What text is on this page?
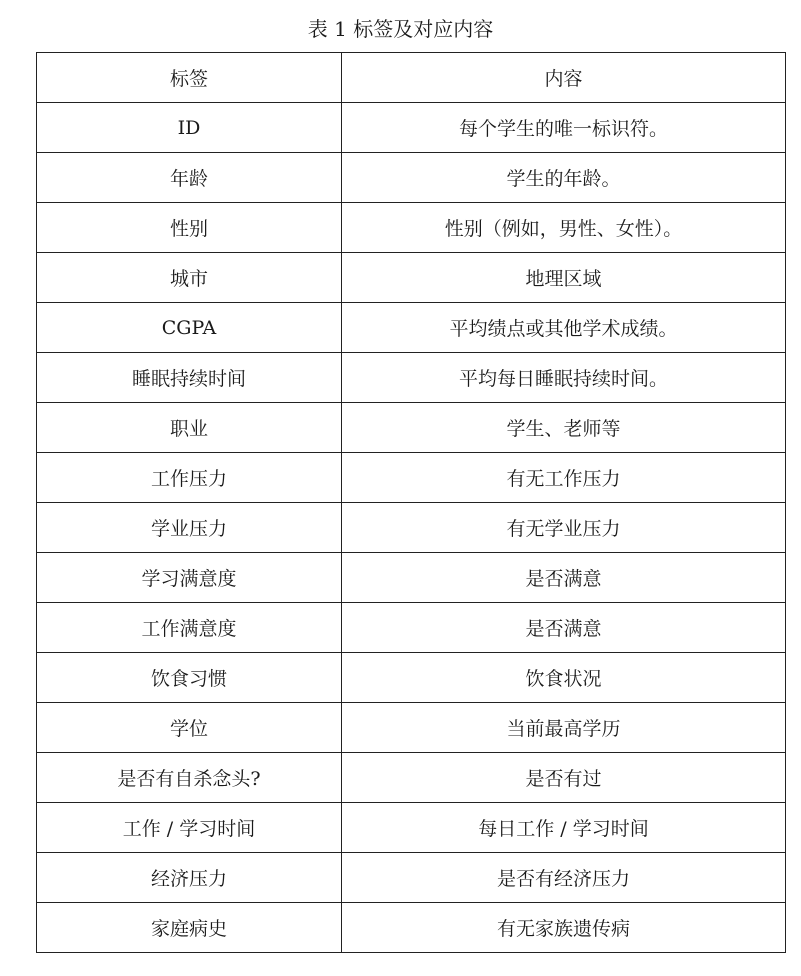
表 1 标签及对应内容
标签	内容
ID	每个学生的唯一标识符。
年龄	学生的年龄。
性别	性别（例如，男性、女性）。
城市	地理区域
CGPA	平均绩点或其他学术成绩。
睡眠持续时间	平均每日睡眠持续时间。
职业	学生、老师等
工作压力	有无工作压力
学业压力	有无学业压力
学习满意度	是否满意
工作满意度	是否满意
饮食习惯	饮食状况
学位	当前最高学历
是否有自杀念头?	是否有过
工作 / 学习时间	每日工作 / 学习时间
经济压力	是否有经济压力
家庭病史	有无家族遗传病
